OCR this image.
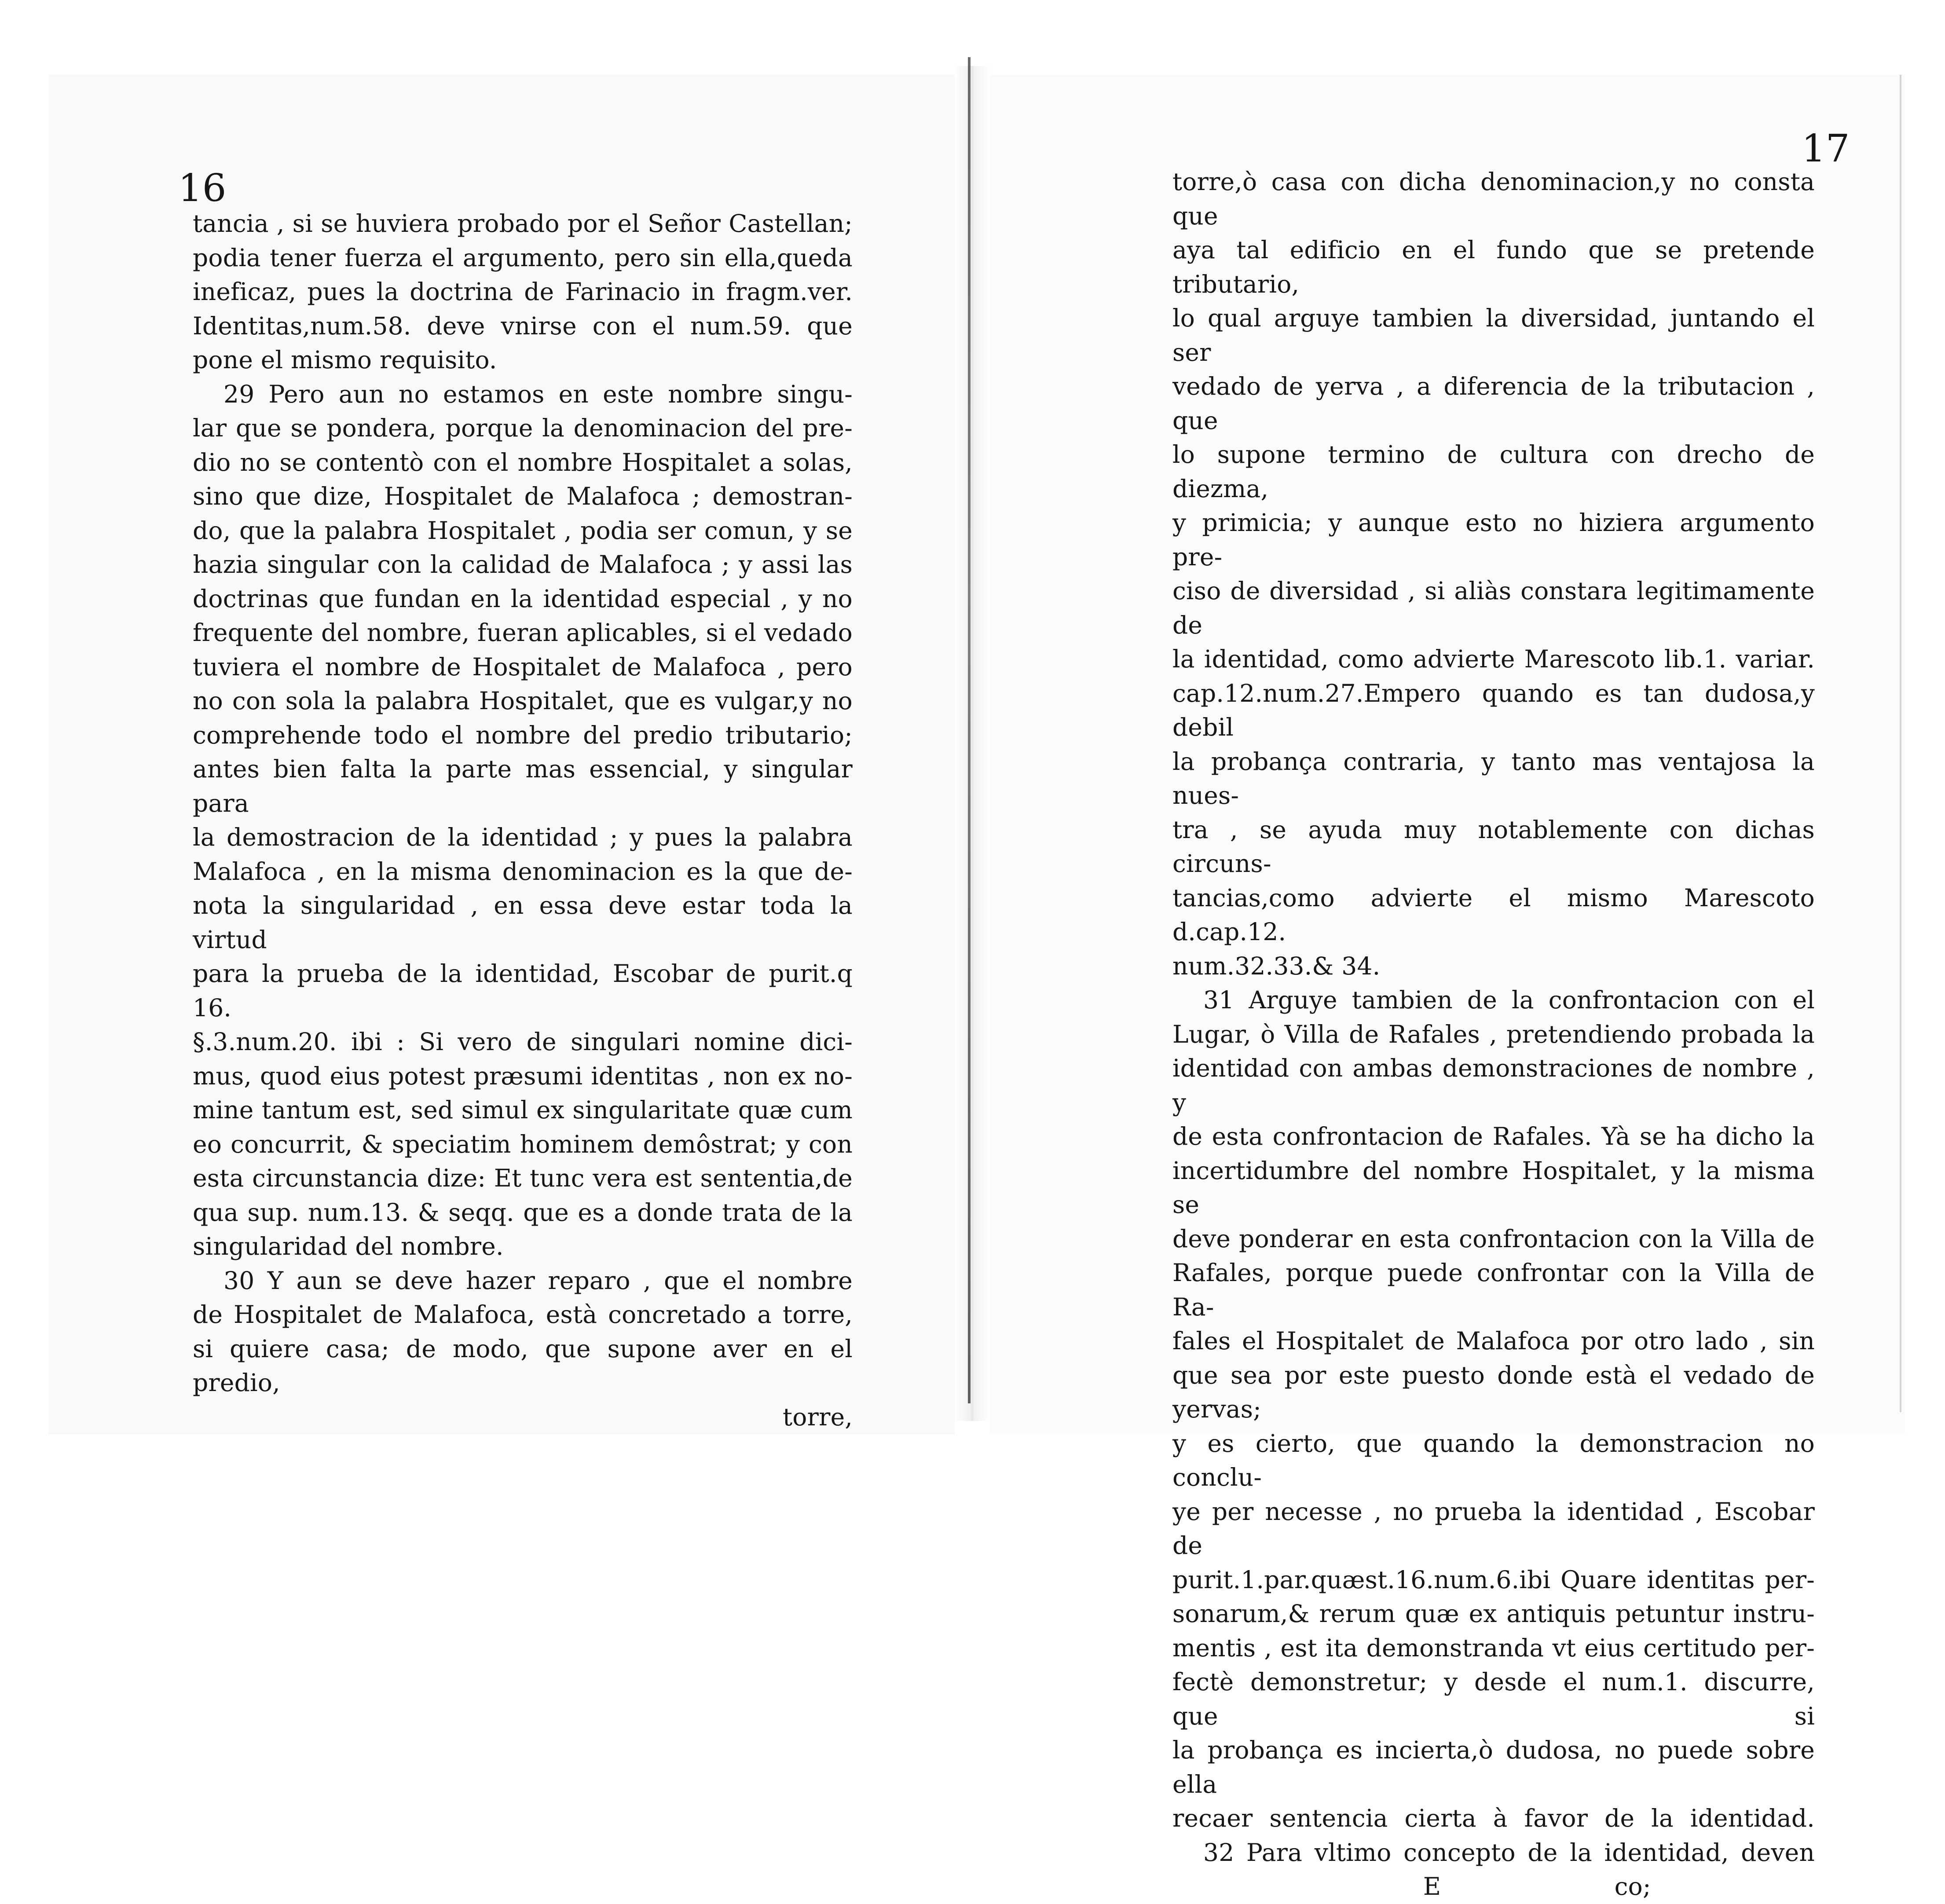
16
tancia , si se huviera probado por el Señor Castellan;
podia tener fuerza el argumento, pero sin ella,queda
ineficaz, pues la doctrina de Farinacio in fragm.ver.
Identitas,num.58. deve vnirse con el num.59. que
pone el mismo requisito.
29 Pero aun no estamos en este nombre singu-
lar que se pondera, porque la denominacion del pre-
dio no se contentò con el nombre Hospitalet a solas,
sino que dize, Hospitalet de Malafoca ; demostran-
do, que la palabra Hospitalet , podia ser comun, y se
hazia singular con la calidad de Malafoca ; y assi las
doctrinas que fundan en la identidad especial , y no
frequente del nombre, fueran aplicables, si el vedado
tuviera el nombre de Hospitalet de Malafoca , pero
no con sola la palabra Hospitalet, que es vulgar,y no
comprehende todo el nombre del predio tributario;
antes bien falta la parte mas essencial, y singular para
la demostracion de la identidad ; y pues la palabra
Malafoca , en la misma denominacion es la que de-
nota la singularidad , en essa deve estar toda la virtud
para la prueba de la identidad, Escobar de purit.q 16.
§.3.num.20. ibi : Si vero de singulari nomine dici-
mus, quod eius potest præsumi identitas , non ex no-
mine tantum est, sed simul ex singularitate quæ cum
eo concurrit, & speciatim hominem demôstrat; y con
esta circunstancia dize: Et tunc vera est sententia,de
qua sup. num.13. & seqq. que es a donde trata de la
singularidad del nombre.
30 Y aun se deve hazer reparo , que el nombre
de Hospitalet de Malafoca, està concretado a torre,
si quiere casa; de modo, que supone aver en el predio,
torre,
17
torre,ò casa con dicha denominacion,y no consta que
aya tal edificio en el fundo que se pretende tributario,
lo qual arguye tambien la diversidad, juntando el ser
vedado de yerva , a diferencia de la tributacion , que
lo supone termino de cultura con drecho de diezma,
y primicia; y aunque esto no hiziera argumento pre-
ciso de diversidad , si aliàs constara legitimamente de
la identidad, como advierte Marescoto lib.1. variar.
cap.12.num.27.Empero quando es tan dudosa,y debil
la probança contraria, y tanto mas ventajosa la nues-
tra , se ayuda muy notablemente con dichas circuns-
tancias,como advierte el mismo Marescoto d.cap.12.
num.32.33.& 34.
31 Arguye tambien de la confrontacion con el
Lugar, ò Villa de Rafales , pretendiendo probada la
identidad con ambas demonstraciones de nombre , y
de esta confrontacion de Rafales. Yà se ha dicho la
incertidumbre del nombre Hospitalet, y la misma se
deve ponderar en esta confrontacion con la Villa de
Rafales, porque puede confrontar con la Villa de Ra-
fales el Hospitalet de Malafoca por otro lado , sin
que sea por este puesto donde està el vedado de yervas;
y es cierto, que quando la demonstracion no conclu-
ye per necesse , no prueba la identidad , Escobar de
purit.1.par.quæst.16.num.6.ibi Quare identitas per-
sonarum,& rerum quæ ex antiquis petuntur instru-
mentis , est ita demonstranda vt eius certitudo per-
fectè demonstretur; y desde el num.1. discurre, que si
la probança es incierta,ò dudosa, no puede sobre ella
recaer sentencia cierta à favor de la identidad.
32 Para vltimo concepto de la identidad, deven
E	co;
